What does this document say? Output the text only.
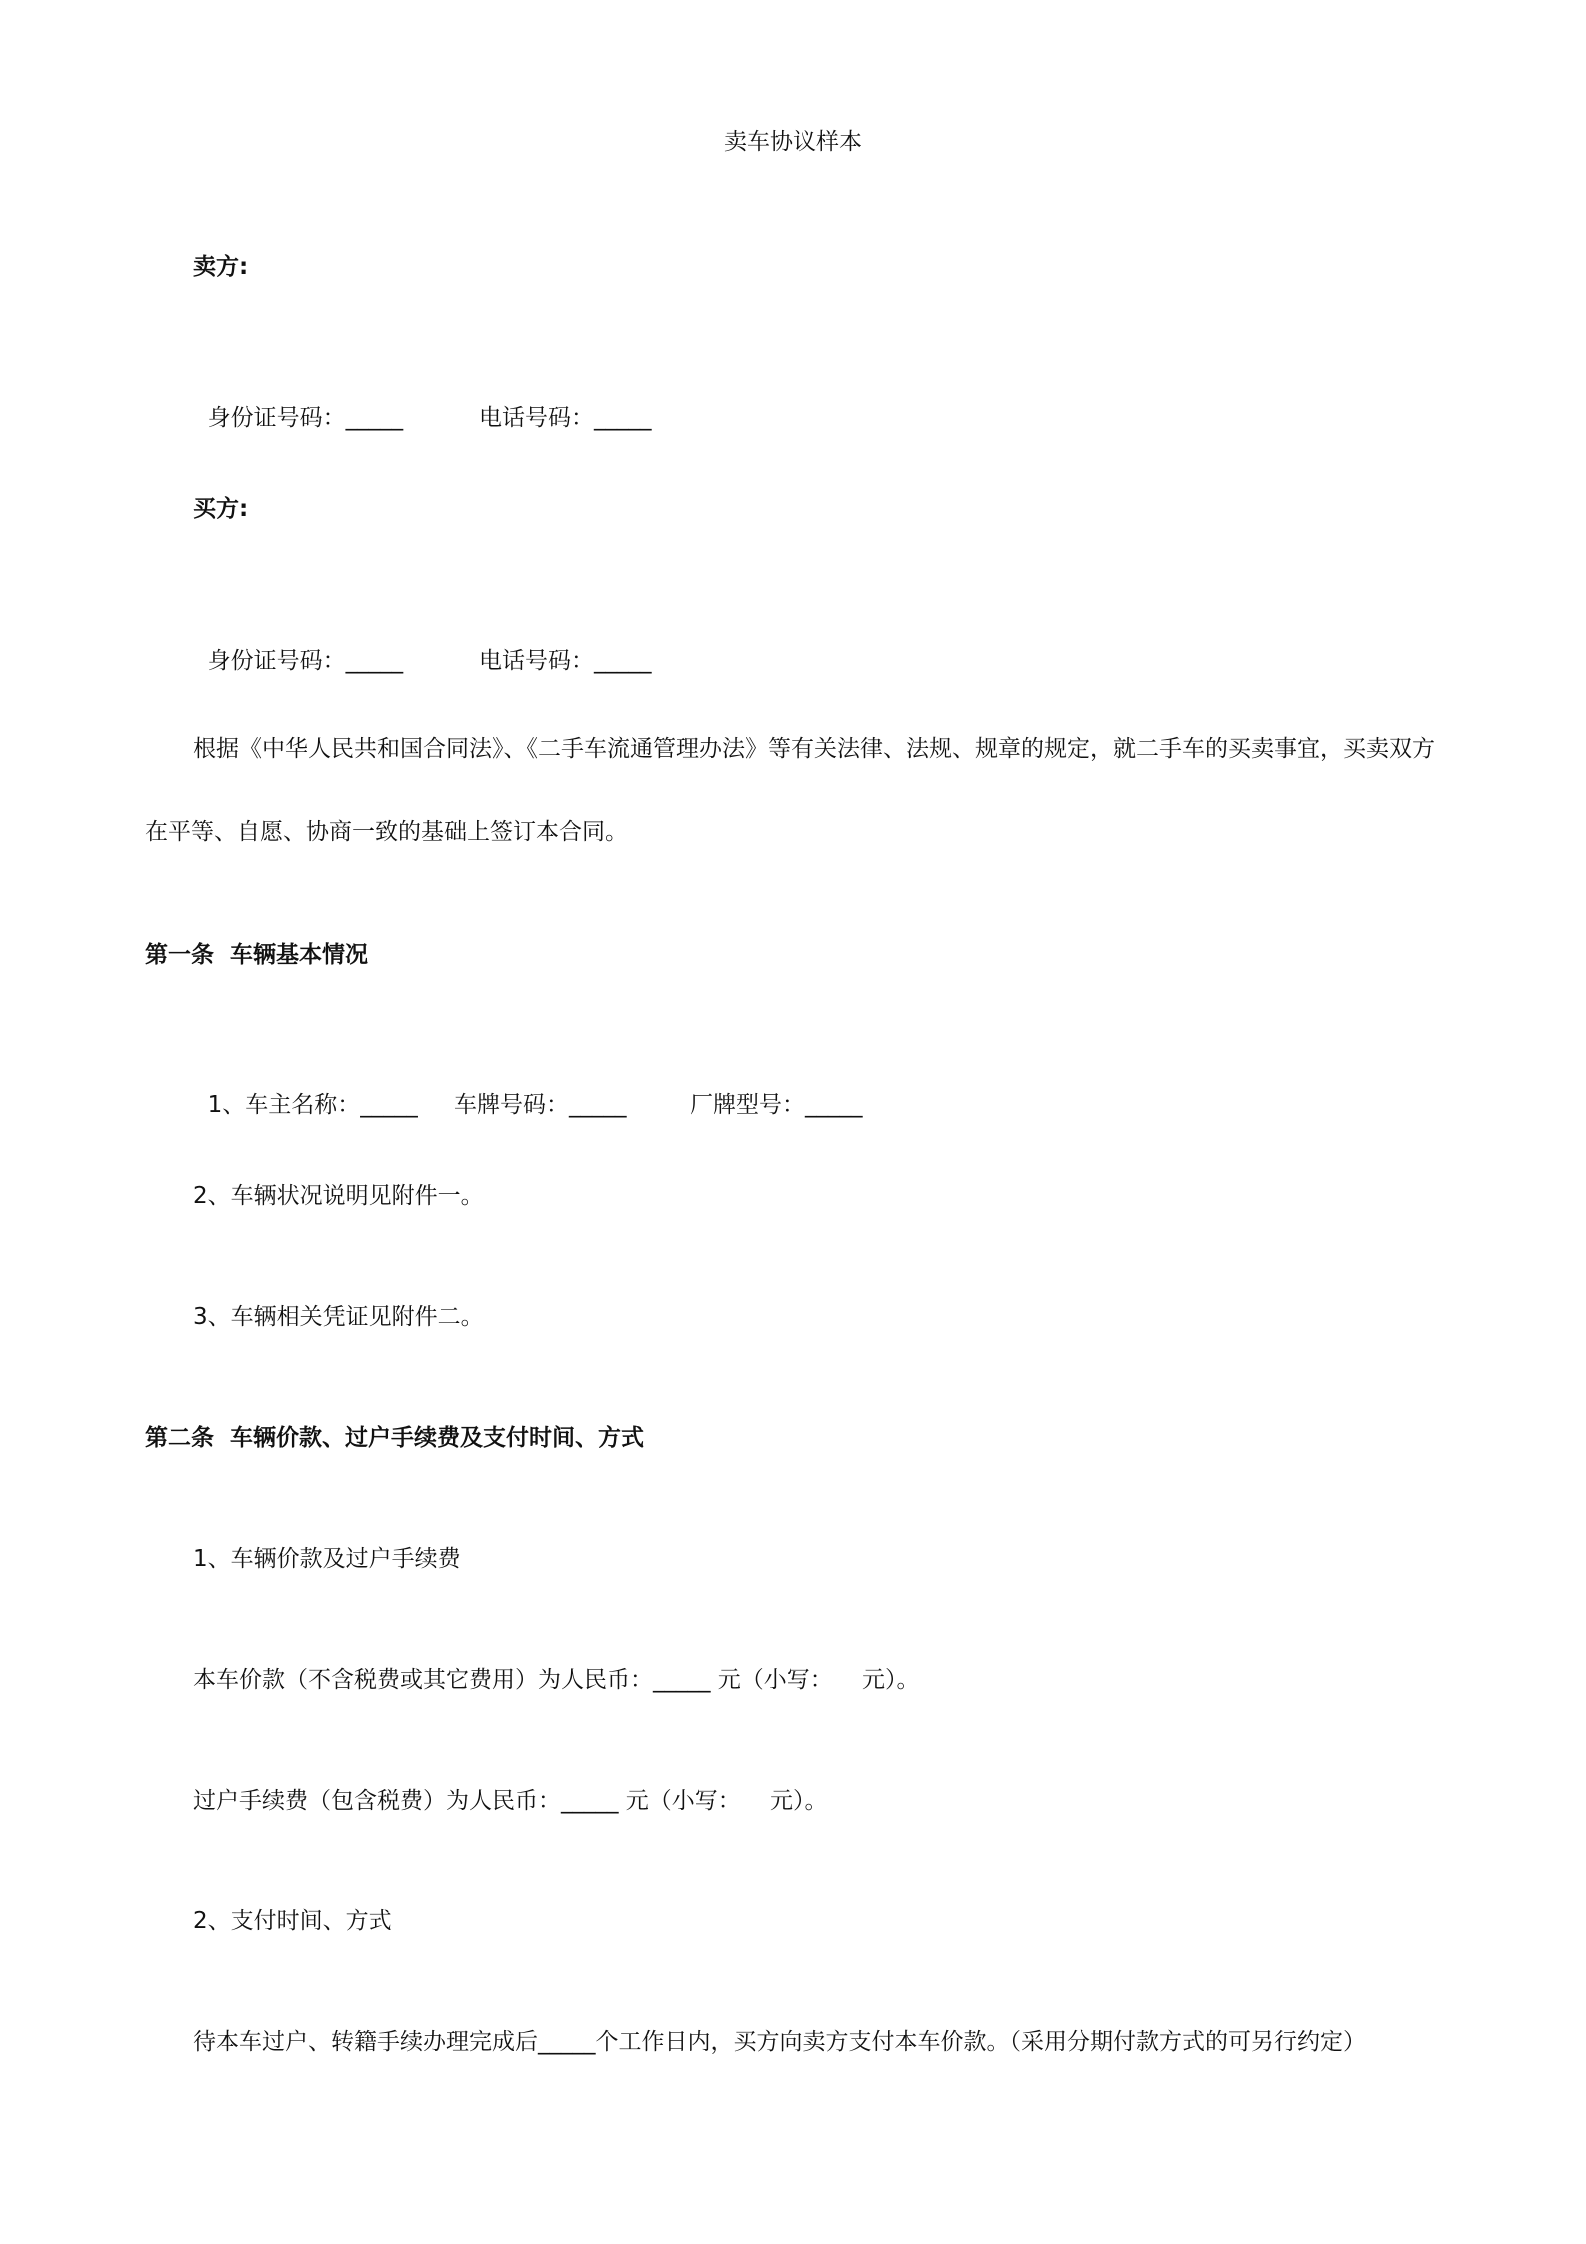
卖车协议样本
卖方:

身份证号码：_____	电话号码：_____

买方:

身份证号码：_____	电话号码：_____

根据《中华人民共和国合同法》、《二手车流通管理办法》等有关法律、法规、规章的规定，就二手车的买卖事宜，买卖双方
在平等、自愿、协商一致的基础上签订本合同。
第一条  车辆基本情况

1、车主名称：_____ 车牌号码：_____	厂牌型号：_____

2、车辆状况说明见附件一。
3、车辆相关凭证见附件二。
第二条  车辆价款、过户手续费及支付时间、方式
1、车辆价款及过户手续费
本车价款（不含税费或其它费用）为人民币：_____ 元（小写：    元）。
过户手续费（包含税费）为人民币：_____ 元（小写：    元）。
2、支付时间、方式
待本车过户、转籍手续办理完成后_____个工作日内，买方向卖方支付本车价款。（采用分期付款方式的可另行约定）
